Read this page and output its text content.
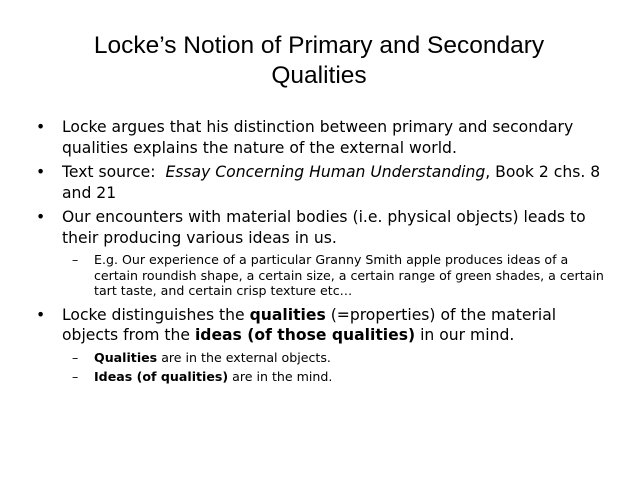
Locke’s Notion of Primary and Secondary
Qualities
• Locke argues that his distinction between primary and secondary qualities explains the nature of the external world.
• Text source:  Essay Concerning Human Understanding, Book 2 chs. 8 and 21
• Our encounters with material bodies (i.e. physical objects) leads to their producing various ideas in us.
– E.g. Our experience of a particular Granny Smith apple produces ideas of a certain roundish shape, a certain size, a certain range of green shades, a certain tart taste, and certain crisp texture etc…
• Locke distinguishes the qualities (=properties) of the material objects from the ideas (of those qualities) in our mind.
– Qualities are in the external objects.
– Ideas (of qualities) are in the mind.
